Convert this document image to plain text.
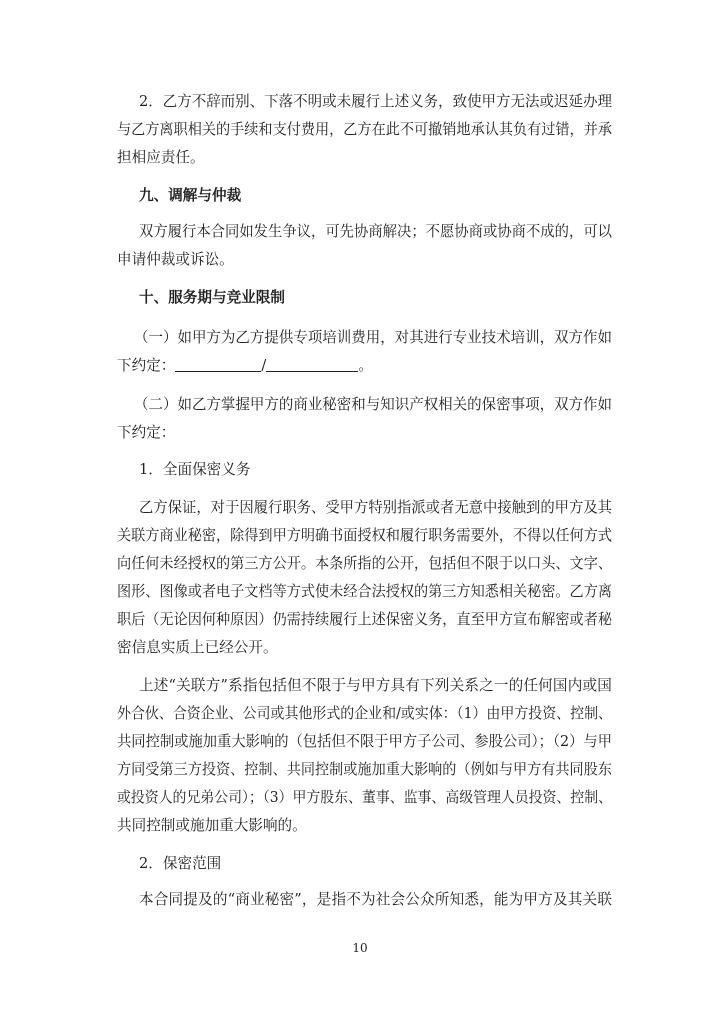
2．乙方不辞而别、下落不明或未履行上述义务，致使甲方无法或迟延办理
与乙方离职相关的手续和支付费用，乙方在此不可撤销地承认其负有过错，并承
担相应责任。
九、调解与仲裁
双方履行本合同如发生争议，可先协商解决；不愿协商或协商不成的，可以
申请仲裁或诉讼。
十、服务期与竞业限制
（一）如甲方为乙方提供专项培训费用，对其进行专业技术培训，双方作如
下约定：	/	。
（二）如乙方掌握甲方的商业秘密和与知识产权相关的保密事项，双方作如
下约定：
1．全面保密义务
乙方保证，对于因履行职务、受甲方特别指派或者无意中接触到的甲方及其
关联方商业秘密，除得到甲方明确书面授权和履行职务需要外，不得以任何方式
向任何未经授权的第三方公开。本条所指的公开，包括但不限于以口头、文字、
图形、图像或者电子文档等方式使未经合法授权的第三方知悉相关秘密。乙方离
职后（无论因何种原因）仍需持续履行上述保密义务，直至甲方宣布解密或者秘
密信息实质上已经公开。
上述“关联方”系指包括但不限于与甲方具有下列关系之一的任何国内或国
外合伙、合资企业、公司或其他形式的企业和/或实体：（1）由甲方投资、控制、
共同控制或施加重大影响的（包括但不限于甲方子公司、参股公司）；（2）与甲
方同受第三方投资、控制、共同控制或施加重大影响的（例如与甲方有共同股东
或投资人的兄弟公司）；（3）甲方股东、董事、监事、高级管理人员投资、控制、
共同控制或施加重大影响的。
2．保密范围
本合同提及的“商业秘密”，是指不为社会公众所知悉，能为甲方及其关联
10
